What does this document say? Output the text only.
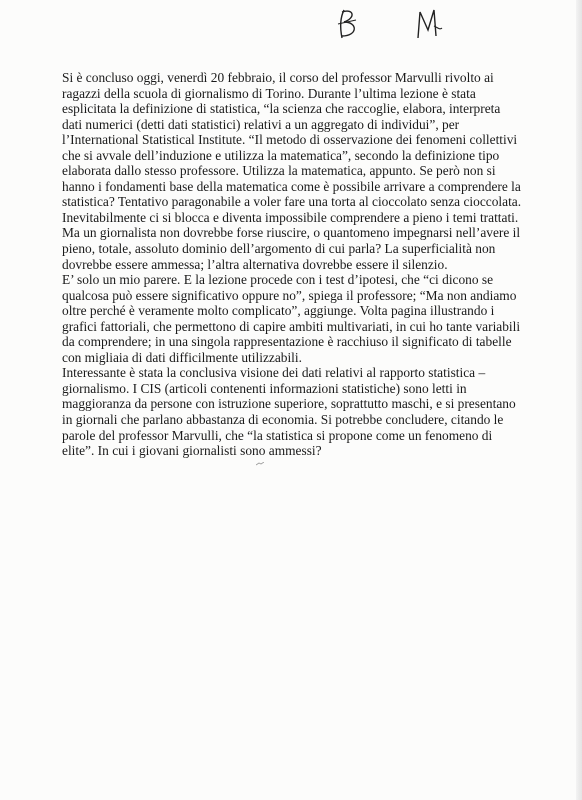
Si è concluso oggi, venerdì 20 febbraio, il corso del professor Marvulli rivolto ai
ragazzi della scuola di giornalismo di Torino. Durante l’ultima lezione è stata
esplicitata la definizione di statistica, “la scienza che raccoglie, elabora, interpreta
dati numerici (detti dati statistici) relativi a un aggregato di individui”, per
l’International Statistical Institute. “Il metodo di osservazione dei fenomeni collettivi
che si avvale dell’induzione e utilizza la matematica”, secondo la definizione tipo
elaborata dallo stesso professore. Utilizza la matematica, appunto. Se però non si
hanno i fondamenti base della matematica come è possibile arrivare a comprendere la
statistica? Tentativo paragonabile a voler fare una torta al cioccolato senza cioccolata.
Inevitabilmente ci si blocca e diventa impossibile comprendere a pieno i temi trattati.
Ma un giornalista non dovrebbe forse riuscire, o quantomeno impegnarsi nell’avere il
pieno, totale, assoluto dominio dell’argomento di cui parla? La superficialità non
dovrebbe essere ammessa; l’altra alternativa dovrebbe essere il silenzio.

E’ solo un mio parere. E la lezione procede con i test d’ipotesi, che “ci dicono se
qualcosa può essere significativo oppure no”, spiega il professore; “Ma non andiamo
oltre perché è veramente molto complicato”, aggiunge. Volta pagina illustrando i
grafici fattoriali, che permettono di capire ambiti multivariati, in cui ho tante variabili
da comprendere; in una singola rappresentazione è racchiuso il significato di tabelle
con migliaia di dati difficilmente utilizzabili.

Interessante è stata la conclusiva visione dei dati relativi al rapporto statistica –
giornalismo. I CIS (articoli contenenti informazioni statistiche) sono letti in
maggioranza da persone con istruzione superiore, soprattutto maschi, e si presentano
in giornali che parlano abbastanza di economia. Si potrebbe concludere, citando le
parole del professor Marvulli, che “la statistica si propone come un fenomeno di
elite”. In cui i giovani giornalisti sono ammessi?
